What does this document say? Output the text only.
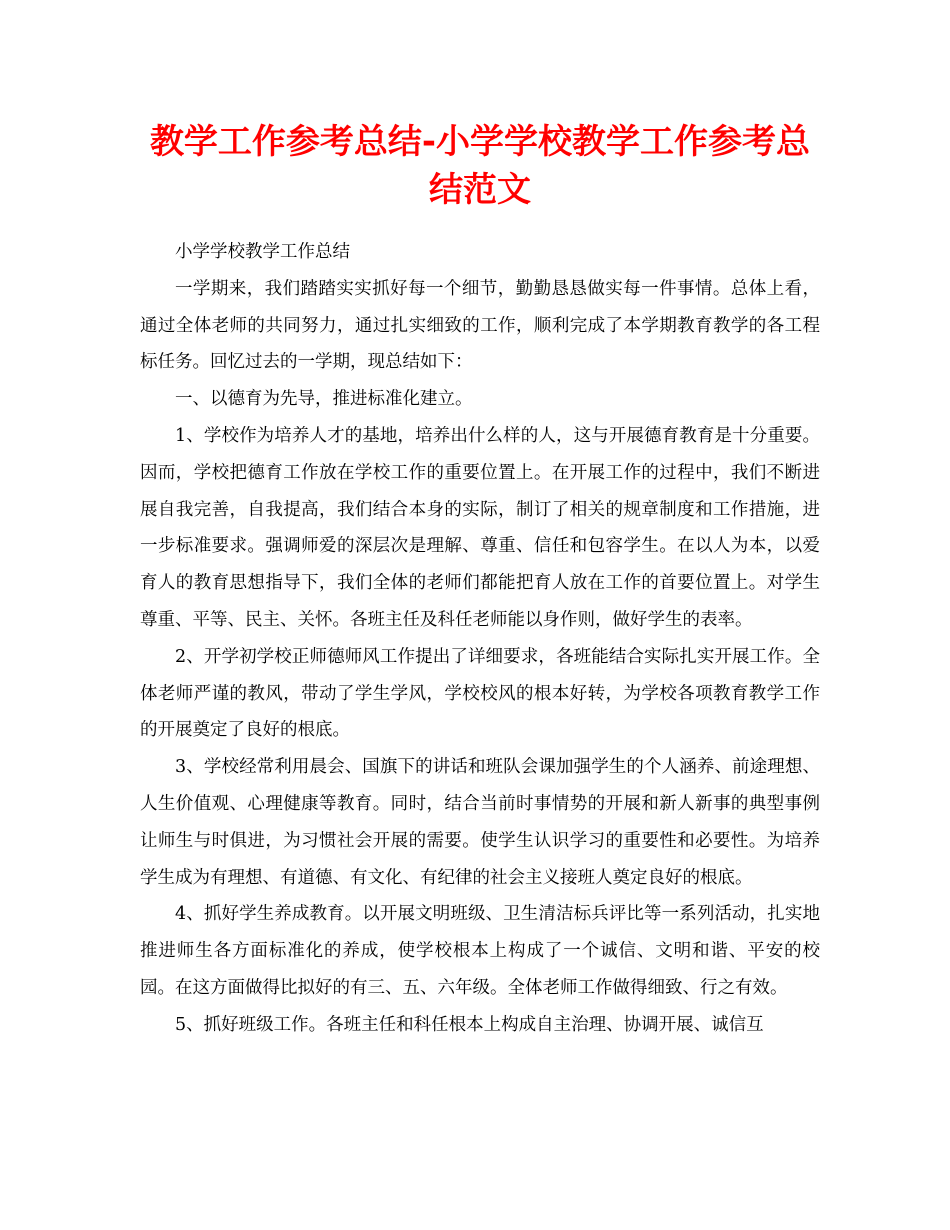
教学工作参考总结-小学学校教学工作参考总结范文

小学学校教学工作总结

一学期来，我们踏踏实实抓好每一个细节，勤勤恳恳做实每一件事情。总体上看，通过全体老师的共同努力，通过扎实细致的工作，顺利完成了本学期教育教学的各工程标任务。回忆过去的一学期，现总结如下：

一、以德育为先导，推进标准化建立。

1、学校作为培养人才的基地，培养出什么样的人，这与开展德育教育是十分重要。因而，学校把德育工作放在学校工作的重要位置上。在开展工作的过程中，我们不断进展自我完善，自我提高，我们结合本身的实际，制订了相关的规章制度和工作措施，进一步标准要求。强调师爱的深层次是理解、尊重、信任和包容学生。在以人为本，以爱育人的教育思想指导下，我们全体的老师们都能把育人放在工作的首要位置上。对学生尊重、平等、民主、关怀。各班主任及科任老师能以身作则，做好学生的表率。

2、开学初学校正师德师风工作提出了详细要求，各班能结合实际扎实开展工作。全体老师严谨的教风，带动了学生学风，学校校风的根本好转，为学校各项教育教学工作的开展奠定了良好的根底。

3、学校经常利用晨会、国旗下的讲话和班队会课加强学生的个人涵养、前途理想、人生价值观、心理健康等教育。同时，结合当前时事情势的开展和新人新事的典型事例让师生与时俱进，为习惯社会开展的需要。使学生认识学习的重要性和必要性。为培养学生成为有理想、有道德、有文化、有纪律的社会主义接班人奠定良好的根底。

4、抓好学生养成教育。以开展文明班级、卫生清洁标兵评比等一系列活动，扎实地推进师生各方面标准化的养成，使学校根本上构成了一个诚信、文明和谐、平安的校园。在这方面做得比拟好的有三、五、六年级。全体老师工作做得细致、行之有效。

5、抓好班级工作。各班主任和科任根本上构成自主治理、协调开展、诚信互
